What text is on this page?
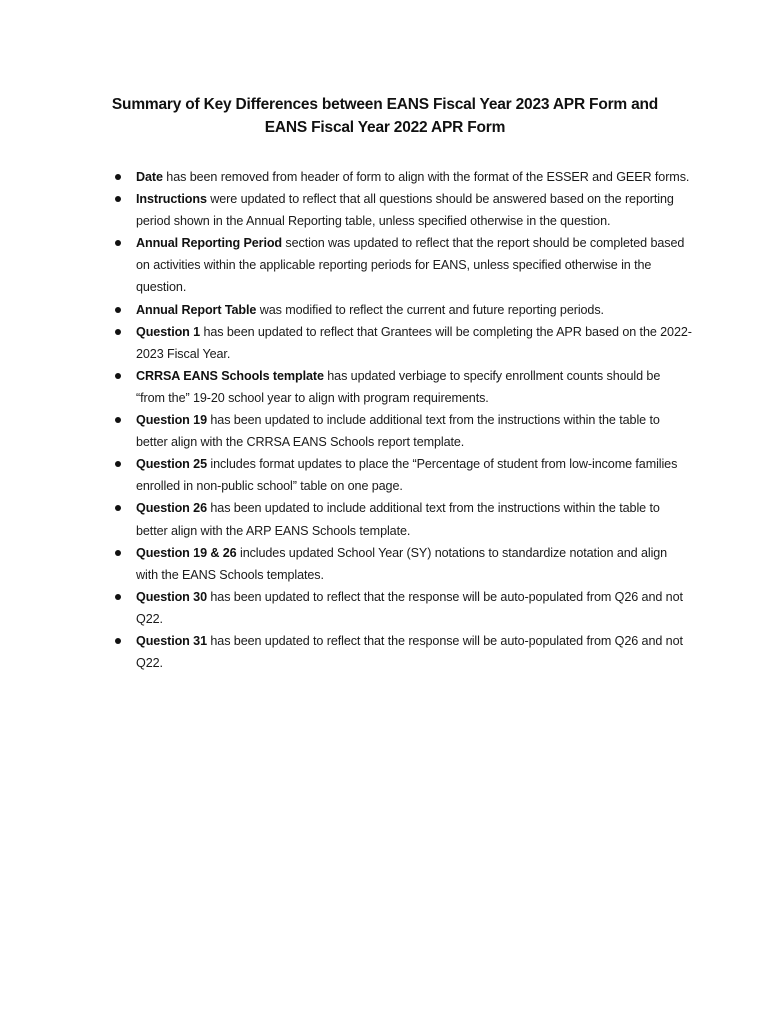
Summary of Key Differences between EANS Fiscal Year 2023 APR Form and
EANS Fiscal Year 2022 APR Form
Date has been removed from header of form to align with the format of the ESSER and GEER forms.
Instructions were updated to reflect that all questions should be answered based on the reporting period shown in the Annual Reporting table, unless specified otherwise in the question.
Annual Reporting Period section was updated to reflect that the report should be completed based on activities within the applicable reporting periods for EANS, unless specified otherwise in the question.
Annual Report Table was modified to reflect the current and future reporting periods.
Question 1 has been updated to reflect that Grantees will be completing the APR based on the 2022-2023 Fiscal Year.
CRRSA EANS Schools template has updated verbiage to specify enrollment counts should be “from the” 19-20 school year to align with program requirements.
Question 19 has been updated to include additional text from the instructions within the table to better align with the CRRSA EANS Schools report template.
Question 25 includes format updates to place the “Percentage of student from low-income families enrolled in non-public school” table on one page.
Question 26 has been updated to include additional text from the instructions within the table to better align with the ARP EANS Schools template.
Question 19 & 26 includes updated School Year (SY) notations to standardize notation and align with the EANS Schools templates.
Question 30 has been updated to reflect that the response will be auto-populated from Q26 and not Q22.
Question 31 has been updated to reflect that the response will be auto-populated from Q26 and not Q22.
